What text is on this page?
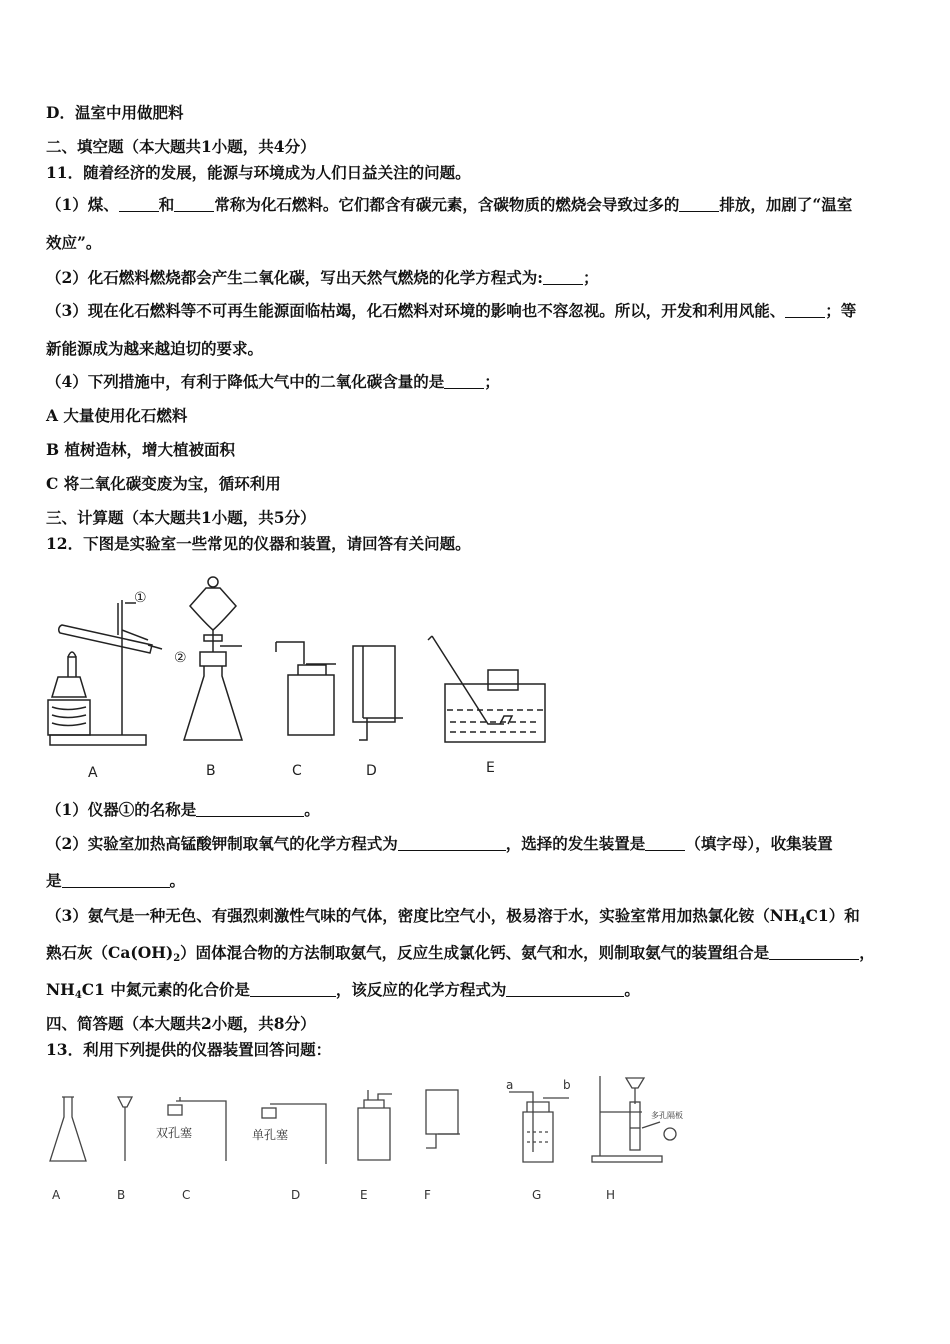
D．温室中用做肥料
二、填空题（本大题共1小题，共4分）
11．随着经济的发展，能源与环境成为人们日益关注的问题。
（1）煤、	和	常称为化石燃料。它们都含有碳元素，含碳物质的燃烧会导致过多的	排放，加剧了“温室
效应”。
（2）化石燃料燃烧都会产生二氧化碳，写出天然气燃烧的化学方程式为:	；
（3）现在化石燃料等不可再生能源面临枯竭，化石燃料对环境的影响也不容忽视。所以，开发和利用风能、	；等
新能源成为越来越迫切的要求。
（4）下列措施中，有利于降低大气中的二氧化碳含量的是	；
A 大量使用化石燃料
B 植树造林，增大植被面积
C 将二氧化碳变废为宝，循环利用
三、计算题（本大题共1小题，共5分）
12．下图是实验室一些常见的仪器和装置，请回答有关问题。
①
②
A	B	C	D	E
（1）仪器①的名称是	。
（2）实验室加热高锰酸钾制取氧气的化学方程式为	，选择的发生装置是	（填字母），收集装置
是	。
（3）氨气是一种无色、有强烈刺激性气味的气体，密度比空气小，极易溶于水，实验室常用加热氯化铵$(NH_4C1)$和
熟石灰$(Ca(OH)_2)$固体混合物的方法制取氨气，反应生成氯化钙、氨气和水，则制取氨气的装置组合是	，
$NH_4C1$ 中氮元素的化合价是	，该反应的化学方程式为	。
四、简答题（本大题共2小题，共8分）
13．利用下列提供的仪器装置回答问题：
双孔塞	单孔塞
a	b
多孔隔板
A	B	C	D	E	F	G	H
